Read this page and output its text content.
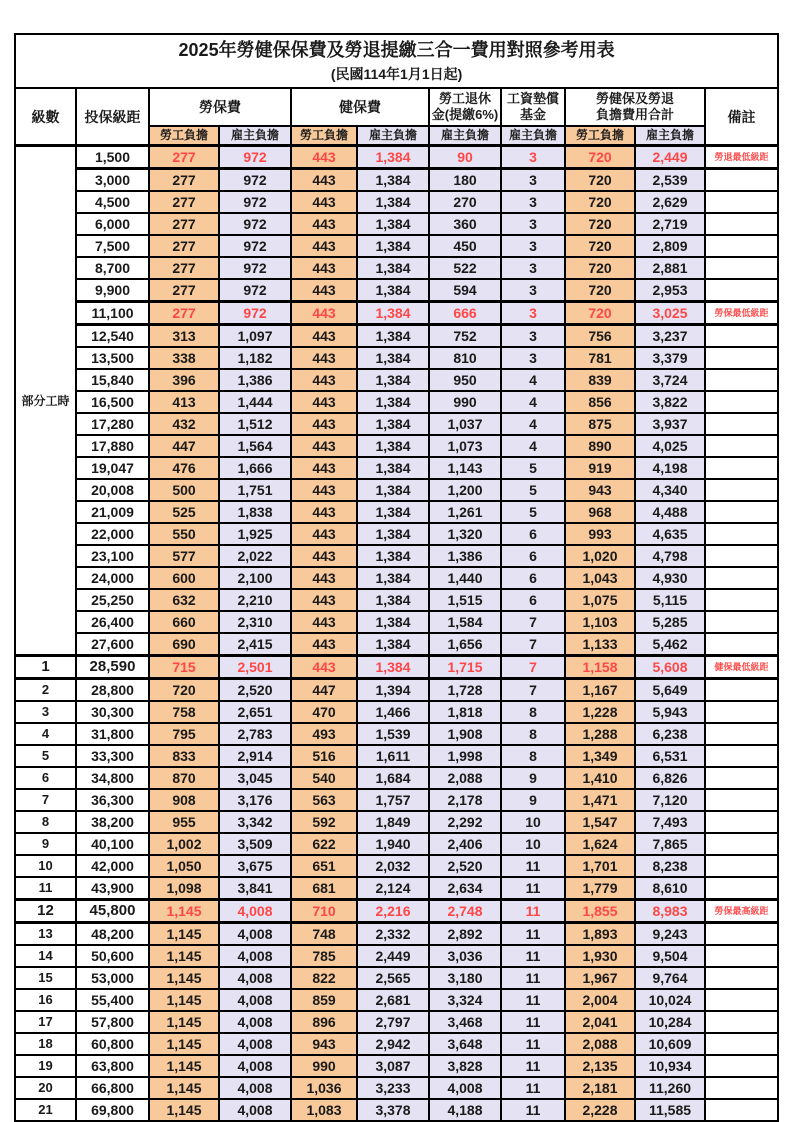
2025年勞健保保費及勞退提繳三合一費用對照參考用表
(民國114年1月1日起)										

級數	投保級距	勞保費	健保費	
勞工退休
金(提繳6%)

工資墊償
基金

勞健保及勞退
負擔費用合計	備註
		勞工負擔	雇主負擔	勞工負擔	雇主負擔	雇主負擔	雇主負擔	勞工負擔	雇主負擔	
部分工時	1,500	277	972	443	1,384	90	3	720	2,449	勞退最低級距
	3,000	277	972	443	1,384	180	3	720	2,539	
	4,500	277	972	443	1,384	270	3	720	2,629	
	6,000	277	972	443	1,384	360	3	720	2,719	
	7,500	277	972	443	1,384	450	3	720	2,809	
	8,700	277	972	443	1,384	522	3	720	2,881	
	9,900	277	972	443	1,384	594	3	720	2,953	
	11,100	277	972	443	1,384	666	3	720	3,025	勞保最低級距
	12,540	313	1,097	443	1,384	752	3	756	3,237	
	13,500	338	1,182	443	1,384	810	3	781	3,379	
	15,840	396	1,386	443	1,384	950	4	839	3,724	
	16,500	413	1,444	443	1,384	990	4	856	3,822	
	17,280	432	1,512	443	1,384	1,037	4	875	3,937	
	17,880	447	1,564	443	1,384	1,073	4	890	4,025	
	19,047	476	1,666	443	1,384	1,143	5	919	4,198	
	20,008	500	1,751	443	1,384	1,200	5	943	4,340	
	21,009	525	1,838	443	1,384	1,261	5	968	4,488	
	22,000	550	1,925	443	1,384	1,320	6	993	4,635	
	23,100	577	2,022	443	1,384	1,386	6	1,020	4,798	
	24,000	600	2,100	443	1,384	1,440	6	1,043	4,930	
	25,250	632	2,210	443	1,384	1,515	6	1,075	5,115	
	26,400	660	2,310	443	1,384	1,584	7	1,103	5,285	
	27,600	690	2,415	443	1,384	1,656	7	1,133	5,462	
1	28,590	715	2,501	443	1,384	1,715	7	1,158	5,608	健保最低級距
2	28,800	720	2,520	447	1,394	1,728	7	1,167	5,649	
3	30,300	758	2,651	470	1,466	1,818	8	1,228	5,943	
4	31,800	795	2,783	493	1,539	1,908	8	1,288	6,238	
5	33,300	833	2,914	516	1,611	1,998	8	1,349	6,531	
6	34,800	870	3,045	540	1,684	2,088	9	1,410	6,826	
7	36,300	908	3,176	563	1,757	2,178	9	1,471	7,120	
8	38,200	955	3,342	592	1,849	2,292	10	1,547	7,493	
9	40,100	1,002	3,509	622	1,940	2,406	10	1,624	7,865	
10	42,000	1,050	3,675	651	2,032	2,520	11	1,701	8,238	
11	43,900	1,098	3,841	681	2,124	2,634	11	1,779	8,610	
12	45,800	1,145	4,008	710	2,216	2,748	11	1,855	8,983	勞保最高級距
13	48,200	1,145	4,008	748	2,332	2,892	11	1,893	9,243	
14	50,600	1,145	4,008	785	2,449	3,036	11	1,930	9,504	
15	53,000	1,145	4,008	822	2,565	3,180	11	1,967	9,764	
16	55,400	1,145	4,008	859	2,681	3,324	11	2,004	10,024	
17	57,800	1,145	4,008	896	2,797	3,468	11	2,041	10,284	
18	60,800	1,145	4,008	943	2,942	3,648	11	2,088	10,609	
19	63,800	1,145	4,008	990	3,087	3,828	11	2,135	10,934	
20	66,800	1,145	4,008	1,036	3,233	4,008	11	2,181	11,260	
21	69,800	1,145	4,008	1,083	3,378	4,188	11	2,228	11,585	
